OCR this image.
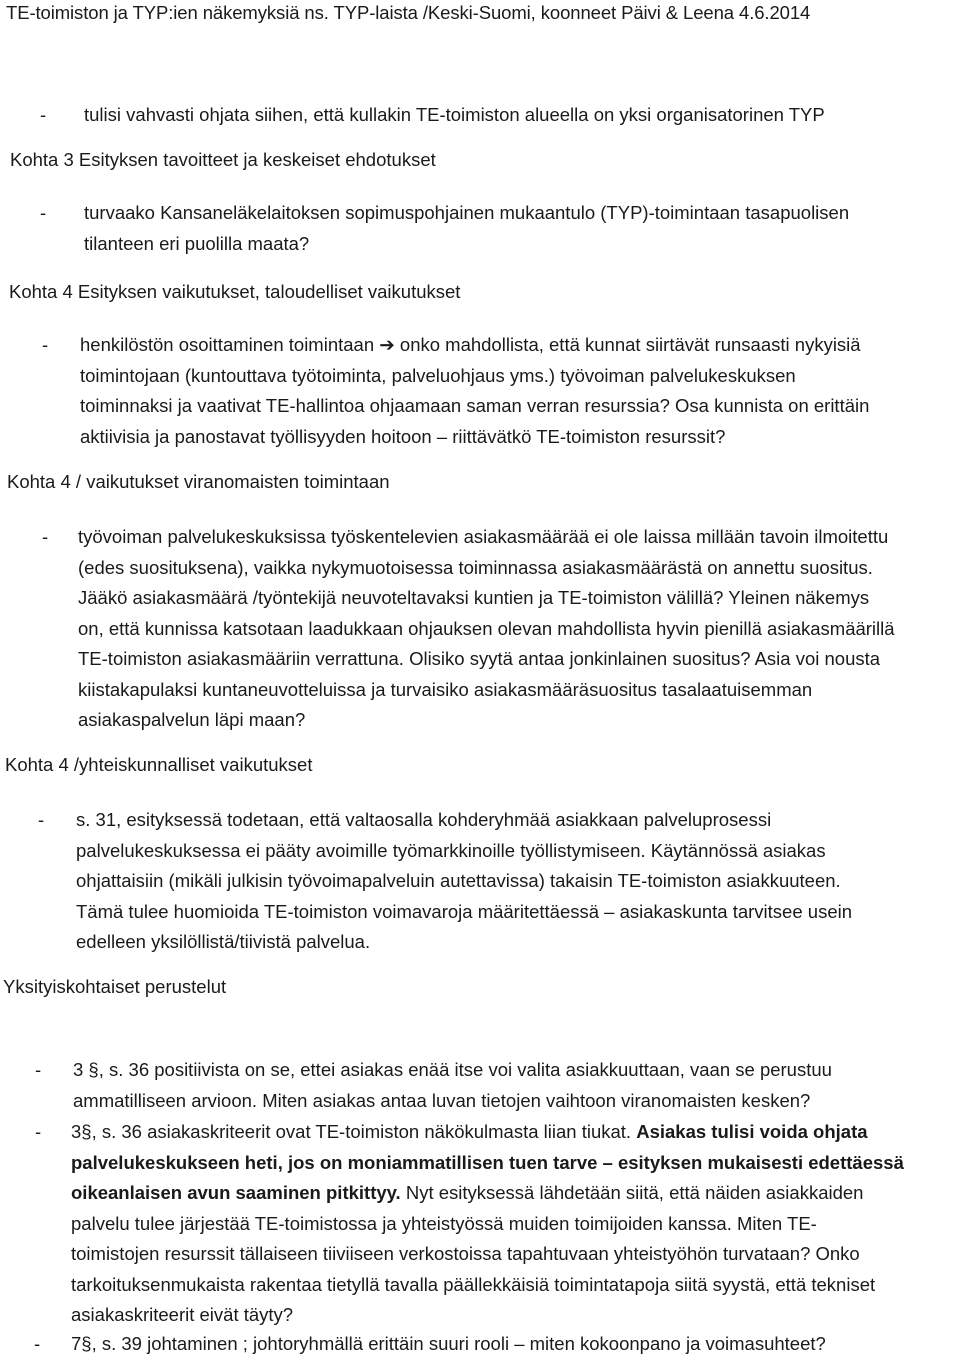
TE-toimiston ja TYP:ien näkemyksiä ns. TYP-laista /Keski-Suomi, koonneet Päivi & Leena 4.6.2014
- tulisi vahvasti ohjata siihen, että kullakin TE-toimiston alueella on yksi organisatorinen TYP
Kohta 3 Esityksen tavoitteet ja keskeiset ehdotukset
- turvaako Kansaneläkelaitoksen sopimuspohjainen mukaantulo (TYP)-toimintaan tasapuolisen
tilanteen eri puolilla maata?
Kohta 4 Esityksen vaikutukset, taloudelliset vaikutukset
- henkilöstön osoittaminen toimintaan ➔ onko mahdollista, että kunnat siirtävät runsaasti nykyisiä
toimintojaan (kuntouttava työtoiminta, palveluohjaus yms.) työvoiman palvelukeskuksen
toiminnaksi ja vaativat TE-hallintoa ohjaamaan saman verran resurssia? Osa kunnista on erittäin
aktiivisia ja panostavat työllisyyden hoitoon – riittävätkö TE-toimiston resurssit?
Kohta 4 / vaikutukset viranomaisten toimintaan
- työvoiman palvelukeskuksissa työskentelevien asiakasmäärää ei ole laissa millään tavoin ilmoitettu
(edes suosituksena), vaikka nykymuotoisessa toiminnassa asiakasmäärästä on annettu suositus.
Jääkö asiakasmäärä /työntekijä neuvoteltavaksi kuntien ja TE-toimiston välillä? Yleinen näkemys
on, että kunnissa katsotaan laadukkaan ohjauksen olevan mahdollista hyvin pienillä asiakasmäärillä
TE-toimiston asiakasmääriin verrattuna. Olisiko syytä antaa jonkinlainen suositus? Asia voi nousta
kiistakapulaksi kuntaneuvotteluissa ja turvaisiko asiakasmääräsuositus tasalaatuisemman
asiakaspalvelun läpi maan?
Kohta 4 /yhteiskunnalliset vaikutukset
- s. 31, esityksessä todetaan, että valtaosalla kohderyhmää asiakkaan palveluprosessi
palvelukeskuksessa ei pääty avoimille työmarkkinoille työllistymiseen. Käytännössä asiakas
ohjattaisiin (mikäli julkisin työvoimapalveluin autettavissa) takaisin TE-toimiston asiakkuuteen.
Tämä tulee huomioida TE-toimiston voimavaroja määritettäessä – asiakaskunta tarvitsee usein
edelleen yksilöllistä/tiivistä palvelua.
Yksityiskohtaiset perustelut
- 3 §, s. 36 positiivista on se, ettei asiakas enää itse voi valita asiakkuuttaan, vaan se perustuu
ammatilliseen arvioon. Miten asiakas antaa luvan tietojen vaihtoon viranomaisten kesken?
- 3§, s. 36 asiakaskriteerit ovat TE-toimiston näkökulmasta liian tiukat. Asiakas tulisi voida ohjata
palvelukeskukseen heti, jos on moniammatillisen tuen tarve – esityksen mukaisesti edettäessä
oikeanlaisen avun saaminen pitkittyy. Nyt esityksessä lähdetään siitä, että näiden asiakkaiden
palvelu tulee järjestää TE-toimistossa ja yhteistyössä muiden toimijoiden kanssa. Miten TE-
toimistojen resurssit tällaiseen tiiviiseen verkostoissa tapahtuvaan yhteistyöhön turvataan? Onko
tarkoituksenmukaista rakentaa tietyllä tavalla päällekkäisiä toimintatapoja siitä syystä, että tekniset
asiakaskriteerit eivät täyty?
- 7§, s. 39 johtaminen ; johtoryhmällä erittäin suuri rooli – miten kokoonpano ja voimasuhteet?
